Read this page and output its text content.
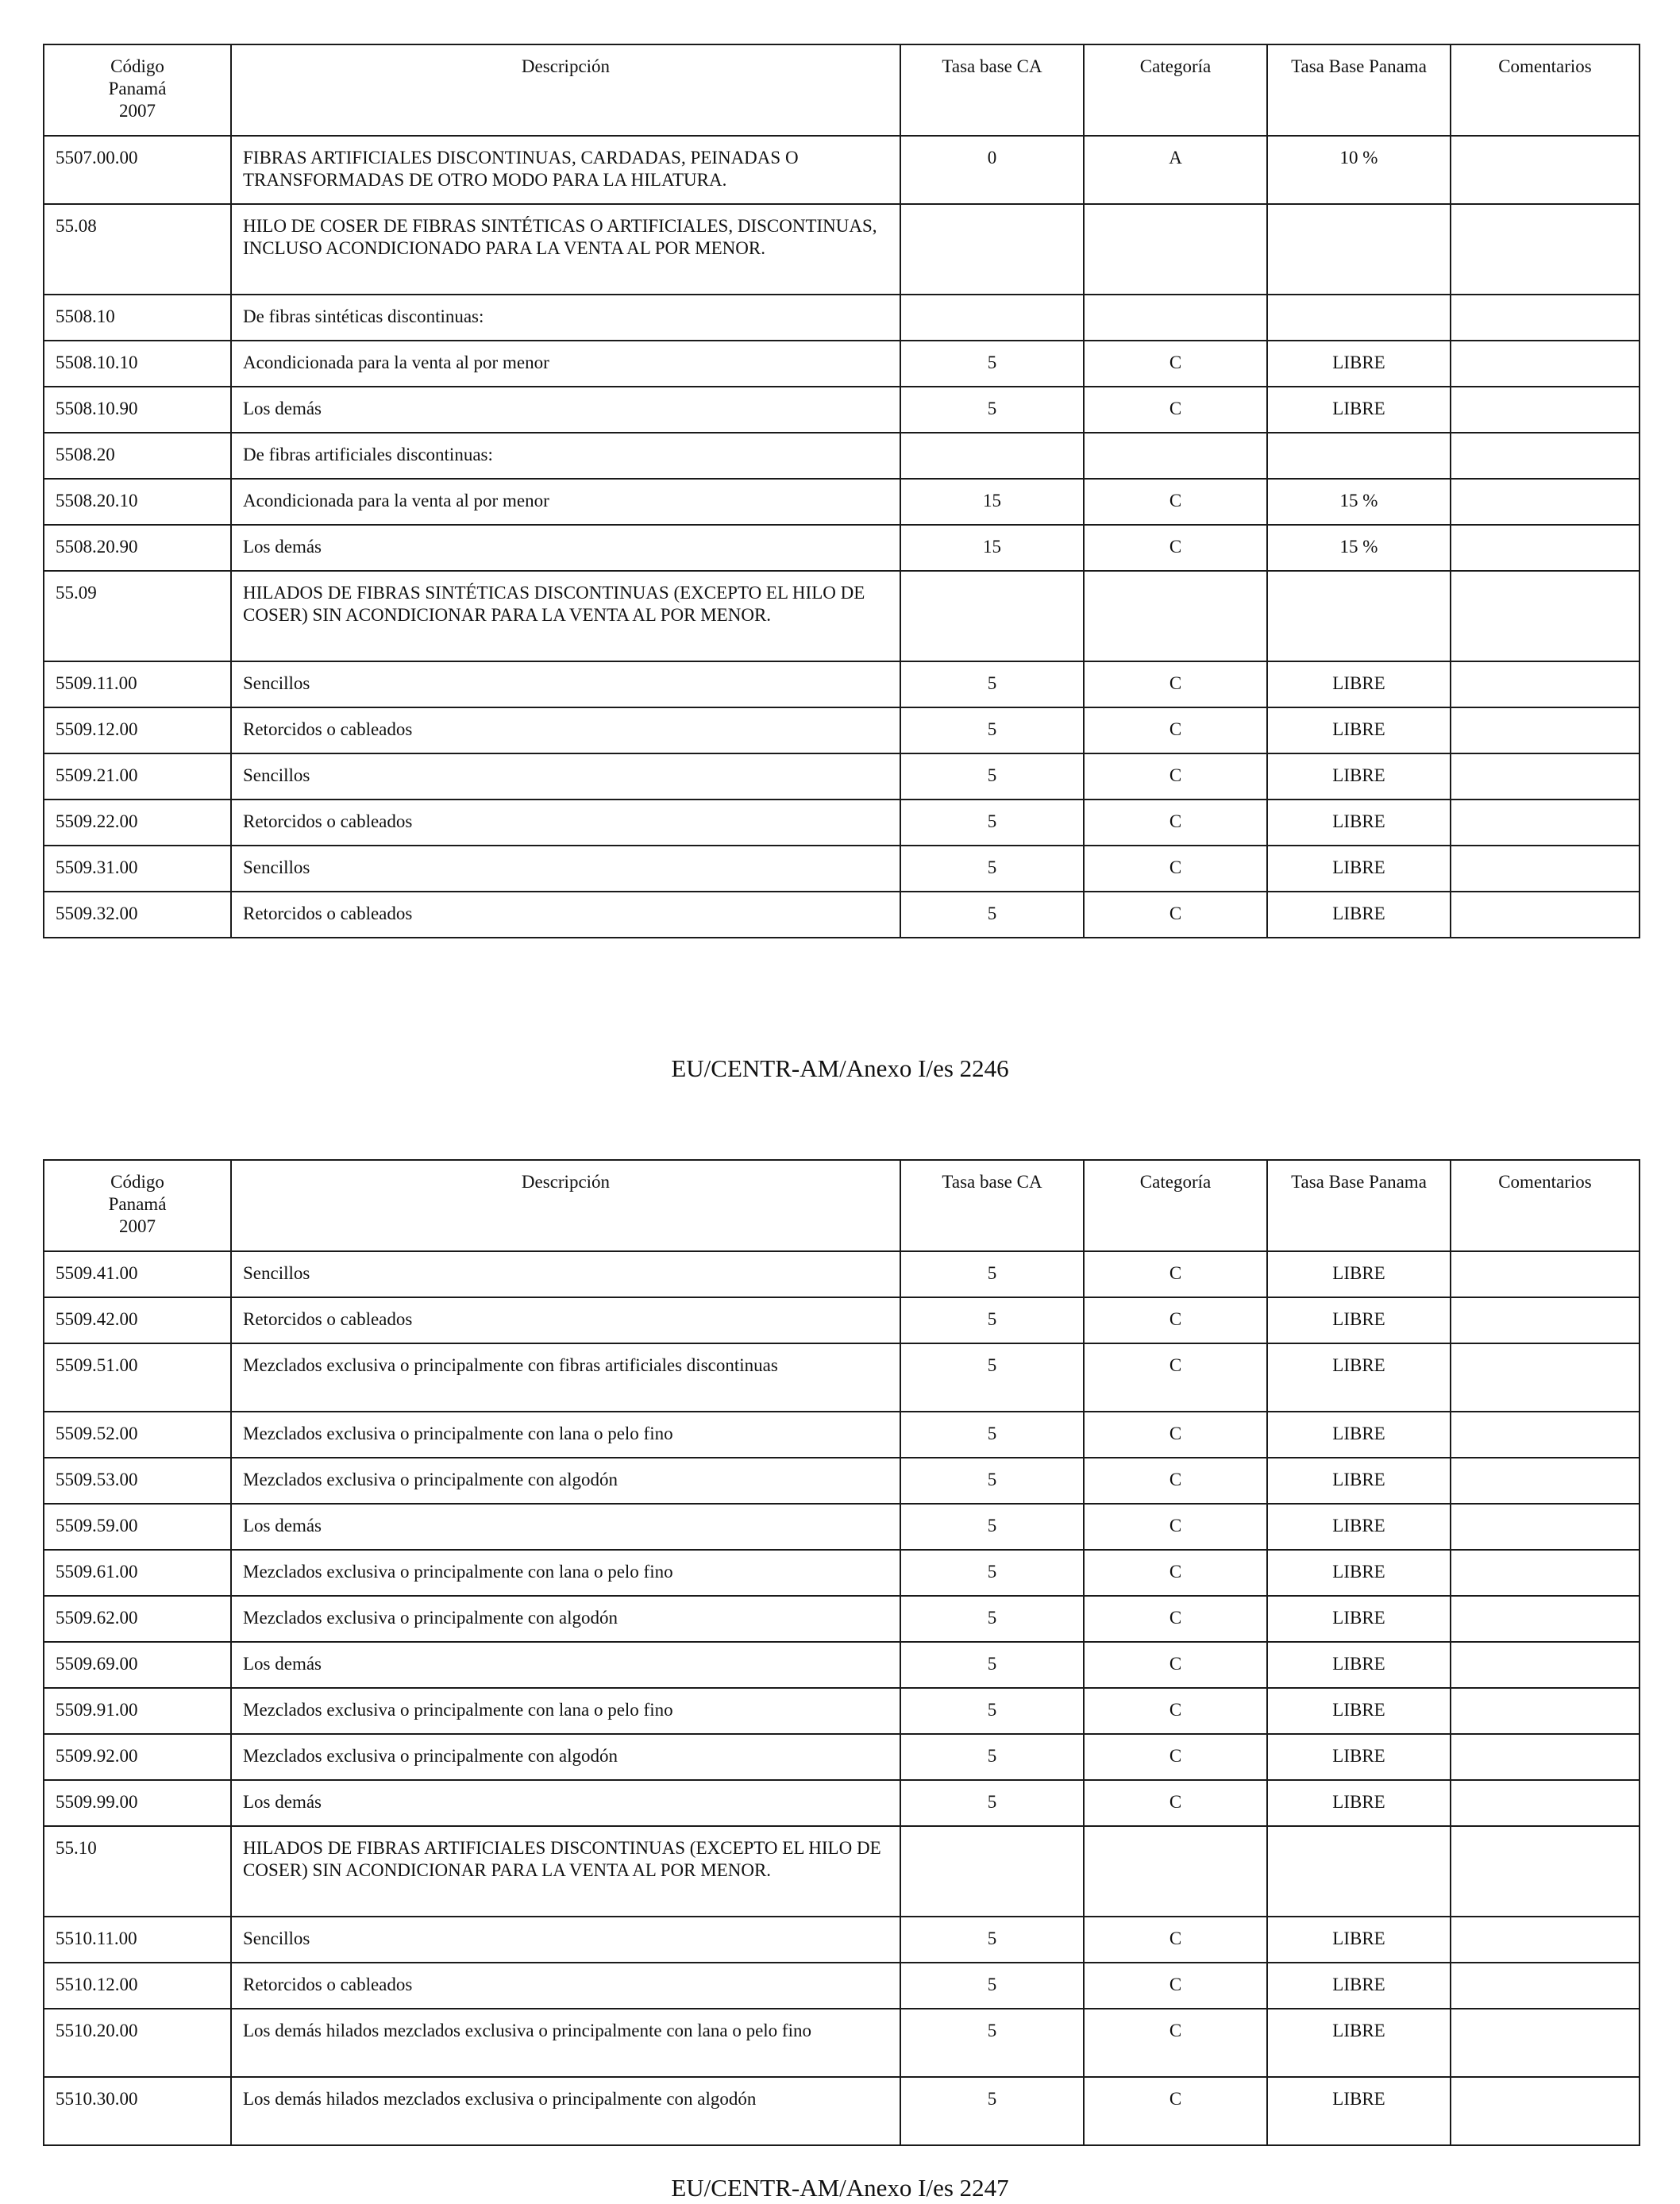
Código
Panamá
2007	Descripción	Tasa base CA	Categoría	Tasa Base Panama	Comentarios
5507.00.00	FIBRAS ARTIFICIALES DISCONTINUAS, CARDADAS, PEINADAS O TRANSFORMADAS DE OTRO MODO PARA LA HILATURA.	0	A	10 %	
55.08	HILO DE COSER DE FIBRAS SINTÉTICAS O ARTIFICIALES, DISCONTINUAS, INCLUSO ACONDICIONADO PARA LA VENTA AL POR MENOR.				
5508.10	De fibras sintéticas discontinuas:				
5508.10.10	Acondicionada para la venta al por menor	5	C	LIBRE	
5508.10.90	Los demás	5	C	LIBRE	
5508.20	De fibras artificiales discontinuas:				
5508.20.10	Acondicionada para la venta al por menor	15	C	15 %	
5508.20.90	Los demás	15	C	15 %	
55.09	HILADOS DE FIBRAS SINTÉTICAS DISCONTINUAS (EXCEPTO EL HILO DE COSER) SIN ACONDICIONAR PARA LA VENTA AL POR MENOR.				
5509.11.00	Sencillos	5	C	LIBRE	
5509.12.00	Retorcidos o cableados	5	C	LIBRE	
5509.21.00	Sencillos	5	C	LIBRE	
5509.22.00	Retorcidos o cableados	5	C	LIBRE	
5509.31.00	Sencillos	5	C	LIBRE	
5509.32.00	Retorcidos o cableados	5	C	LIBRE	
EU/CENTR-AM/Anexo I/es 2246
Código
Panamá
2007	Descripción	Tasa base CA	Categoría	Tasa Base Panama	Comentarios
5509.41.00	Sencillos	5	C	LIBRE	
5509.42.00	Retorcidos o cableados	5	C	LIBRE	
5509.51.00	Mezclados exclusiva o principalmente con fibras artificiales discontinuas	5	C	LIBRE	
5509.52.00	Mezclados exclusiva o principalmente con lana o pelo fino	5	C	LIBRE	
5509.53.00	Mezclados exclusiva o principalmente con algodón	5	C	LIBRE	
5509.59.00	Los demás	5	C	LIBRE	
5509.61.00	Mezclados exclusiva o principalmente con lana o pelo fino	5	C	LIBRE	
5509.62.00	Mezclados exclusiva o principalmente con algodón	5	C	LIBRE	
5509.69.00	Los demás	5	C	LIBRE	
5509.91.00	Mezclados exclusiva o principalmente con lana o pelo fino	5	C	LIBRE	
5509.92.00	Mezclados exclusiva o principalmente con algodón	5	C	LIBRE	
5509.99.00	Los demás	5	C	LIBRE	
55.10	HILADOS DE FIBRAS ARTIFICIALES DISCONTINUAS (EXCEPTO EL HILO DE COSER) SIN ACONDICIONAR PARA LA VENTA AL POR MENOR.				
5510.11.00	Sencillos	5	C	LIBRE	
5510.12.00	Retorcidos o cableados	5	C	LIBRE	
5510.20.00	Los demás hilados mezclados exclusiva o principalmente con lana o pelo fino	5	C	LIBRE	
5510.30.00	Los demás hilados mezclados exclusiva o principalmente con algodón	5	C	LIBRE	
EU/CENTR-AM/Anexo I/es 2247
